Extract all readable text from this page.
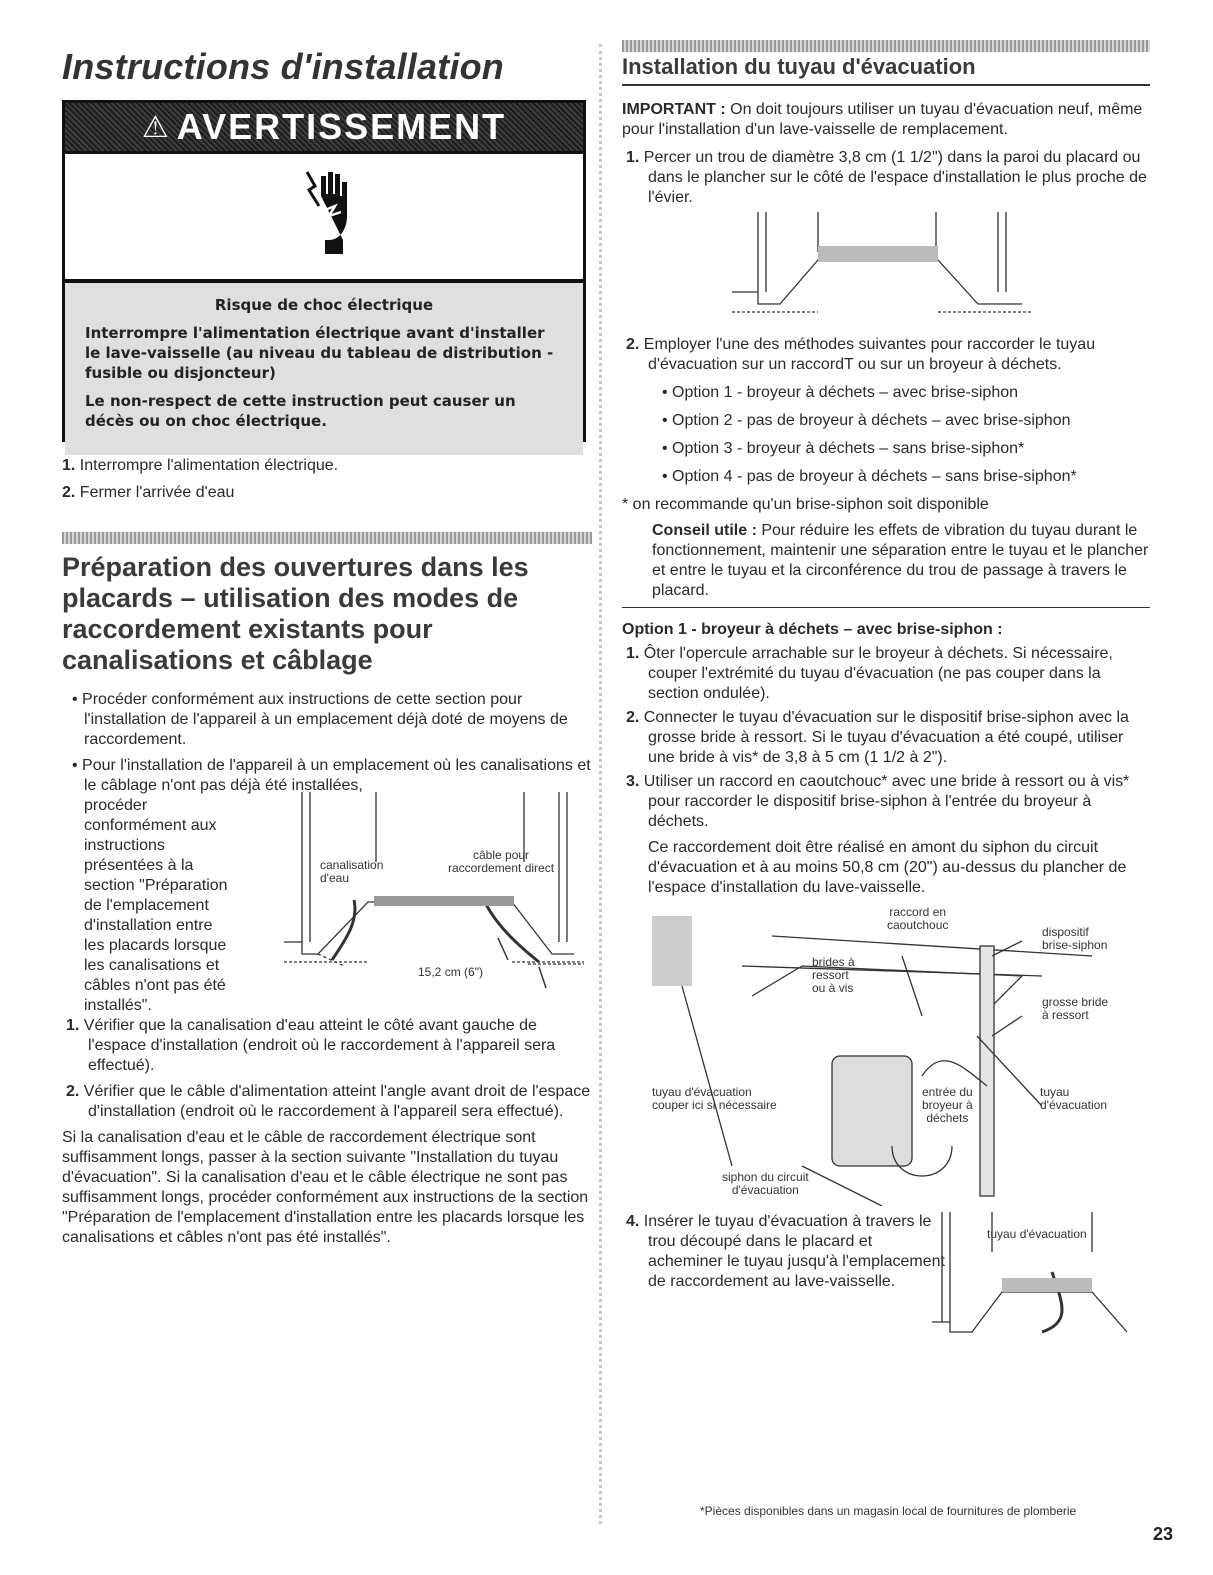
Instructions d'installation
⚠ AVERTISSEMENT
Risque de choc électrique

Interrompre l'alimentation électrique avant d'installer le lave-vaisselle (au niveau du tableau de distribution - fusible ou disjoncteur)

Le non-respect de cette instruction peut causer un décès ou on choc électrique.

1. Interrompre l'alimentation électrique.
2. Fermer l'arrivée d'eau
Préparation des ouvertures dans les placards – utilisation des modes de raccordement existants pour canalisations et câblage

• Procéder conformément aux instructions de cette section pour l'installation de l'appareil à un emplacement déjà doté de moyens de raccordement.

• Pour l'installation de l'appareil à un emplacement où les canalisations et le câblage n'ont pas déjà été installées,

procéder
conformément aux
instructions
présentées à la
section "Préparation
de l'emplacement
d'installation entre
les placards lorsque
les canalisations et
câbles n'ont pas été
installés".
canalisation
d'eau
câble pour
raccordement direct
15,2 cm (6")

1. Vérifier que la canalisation d'eau atteint le côté avant gauche de l'espace d'installation (endroit où le raccordement à l'appareil sera effectué).

2. Vérifier que le câble d'alimentation atteint l'angle avant droit de l'espace d'installation (endroit où le raccordement à l'appareil sera effectué).

Si la canalisation d'eau et le câble de raccordement électrique sont suffisamment longs, passer à la section suivante "Installation du tuyau d'évacuation". Si la canalisation d'eau et le câble électrique ne sont pas suffisamment longs, procéder conformément aux instructions de la section "Préparation de l'emplacement d'installation entre les placards lorsque les canalisations et câbles n'ont pas été installés".

Installation du tuyau d'évacuation

IMPORTANT : On doit toujours utiliser un tuyau d'évacuation neuf, même pour l'installation d'un lave-vaisselle de remplacement.

1. Percer un trou de diamètre 3,8 cm (1 1/2") dans la paroi du placard ou dans le plancher sur le côté de l'espace d'installation le plus proche de l'évier.

2. Employer l'une des méthodes suivantes pour raccorder le tuyau d'évacuation sur un raccordT ou sur un broyeur à déchets.

• Option 1 - broyeur à déchets – avec brise-siphon

• Option 2 - pas de broyeur à déchets – avec brise-siphon

• Option 3 - broyeur à déchets – sans brise-siphon*

• Option 4 - pas de broyeur à déchets – sans brise-siphon*

* on recommande qu'un brise-siphon soit disponible

Conseil utile : Pour réduire les effets de vibration du tuyau durant le fonctionnement, maintenir une séparation entre le tuyau et le plancher et entre le tuyau et la circonférence du trou de passage à travers le placard.

Option 1 - broyeur à déchets – avec brise-siphon :

1. Ôter l'opercule arrachable sur le broyeur à déchets. Si nécessaire, couper l'extrémité du tuyau d'évacuation (ne pas couper dans la section ondulée).

2. Connecter le tuyau d'évacuation sur le dispositif brise-siphon avec la grosse bride à ressort. Si le tuyau d'évacuation a été coupé, utiliser une bride à vis* de 3,8 à 5 cm (1 1/2 à 2").

3. Utiliser un raccord en caoutchouc* avec une bride à ressort ou à vis* pour raccorder le dispositif brise-siphon à l'entrée du broyeur à déchets.

Ce raccordement doit être réalisé en amont du siphon du circuit d'évacuation et à au moins 50,8 cm (20") au-dessus du plancher de l'espace d'installation du lave-vaisselle.

raccord en
caoutchouc	dispositif
brise-siphon
brides à
ressort
ou à vis
grosse bride
à ressort
tuyau d'évacuation
couper ici si nécessaire
entrée du
broyeur à
déchets
tuyau
d'évacuation
siphon du circuit
d'évacuation

4. Insérer le tuyau d'évacuation à travers le trou découpé dans le placard et acheminer le tuyau jusqu'à l'emplacement de raccordement au lave-vaisselle.

tuyau d'évacuation
*Pièces disponibles dans un magasin local de fournitures de plomberie
23
